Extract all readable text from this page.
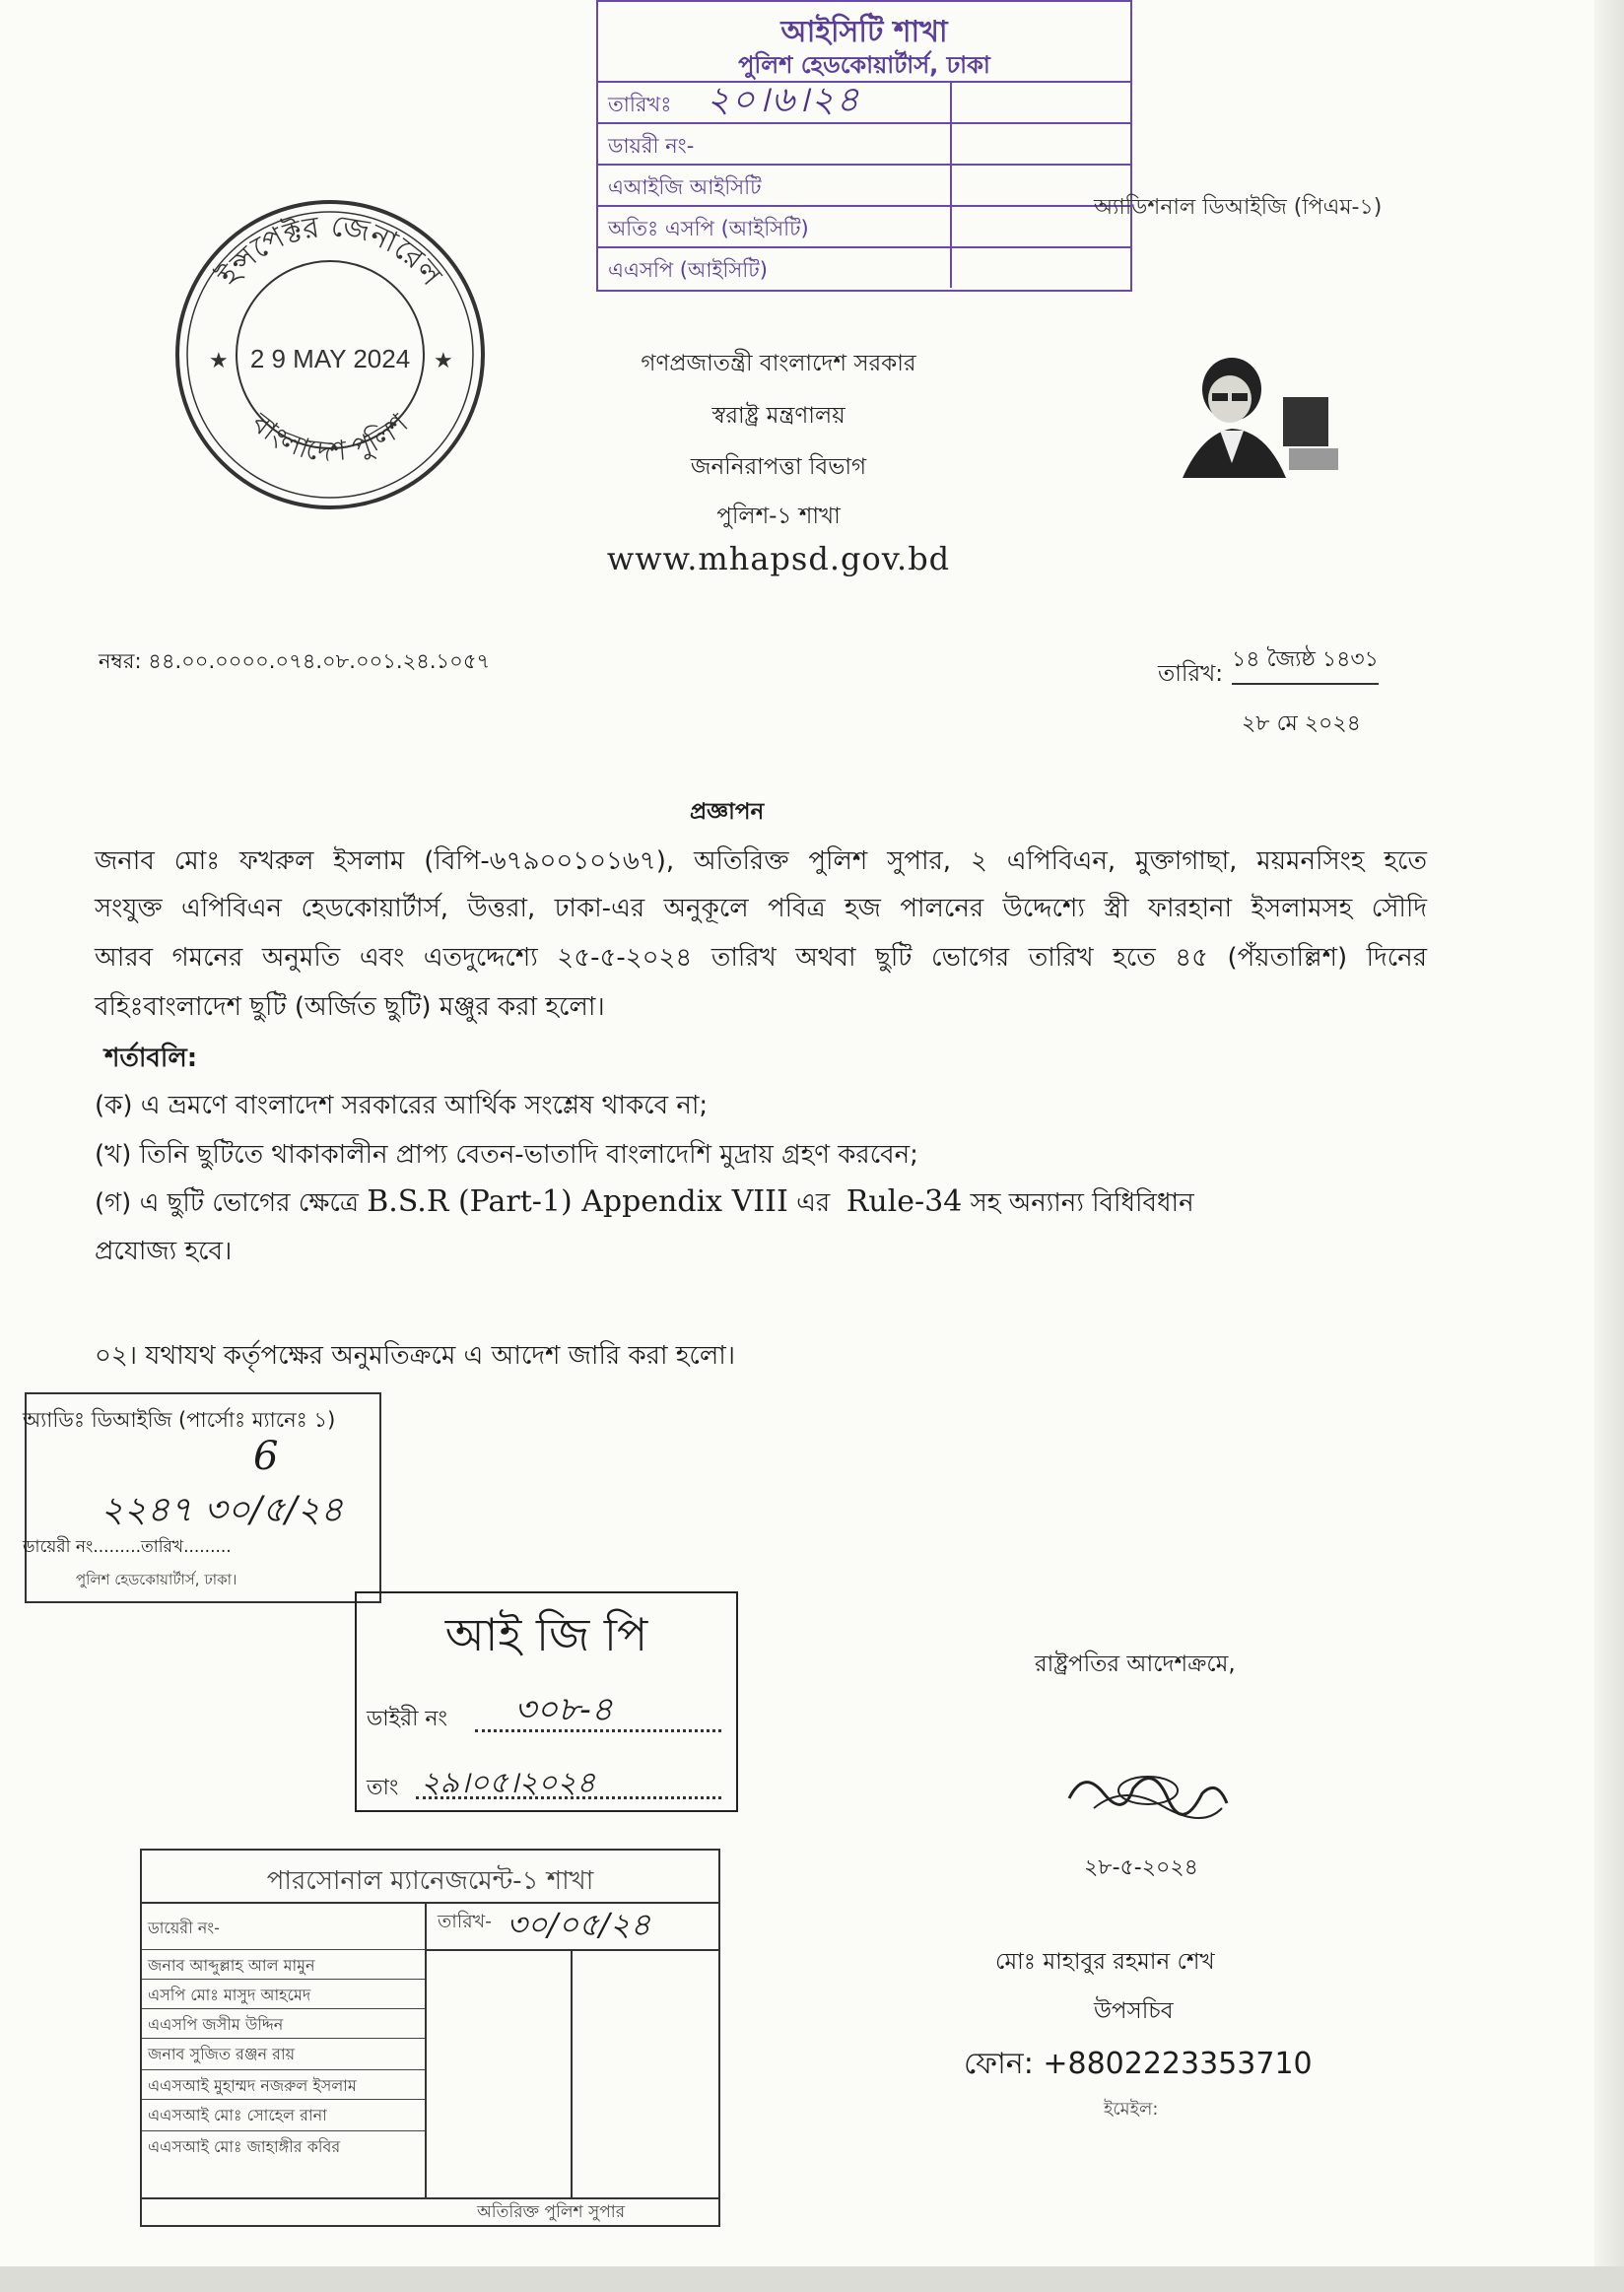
আইসিটি শাখা
পুলিশ হেডকোয়ার্টার্স, ঢাকা
তারিখঃ ২০।৬।২৪
ডায়রী নং-
এআইজি আইসিটি
অতিঃ এসপি (আইসিটি)
এএসপি (আইসিটি)
অ্যাডিশনাল ডিআইজি (পিএম-১)
ইন্সপেক্টর জেনারেল
বাংলাদেশ পুলিশ
2 9 MAY 2024
★	★	গণপ্রজাতন্ত্রী বাংলাদেশ সরকার
স্বরাষ্ট্র মন্ত্রণালয়
জননিরাপত্তা বিভাগ
পুলিশ-১ শাখা
www.mhapsd.gov.bd
নম্বর: ৪৪.০০.০০০০.০৭৪.০৮.০০১.২৪.১০৫৭	তারিখ:
১৪ জ্যৈষ্ঠ ১৪৩১
২৮ মে ২০২৪
প্রজ্ঞাপন
জনাব মোঃ ফখরুল ইসলাম (বিপি-৬৭৯০০১০১৬৭), অতিরিক্ত পুলিশ সুপার, ২ এপিবিএন, মুক্তাগাছা, ময়মনসিংহ হতে
সংযুক্ত এপিবিএন হেডকোয়ার্টার্স, উত্তরা, ঢাকা-এর অনুকূলে পবিত্র হজ পালনের উদ্দেশ্যে স্ত্রী ফারহানা ইসলামসহ সৌদি
আরব গমনের অনুমতি এবং এতদুদ্দেশ্যে ২৫-৫-২০২৪ তারিখ অথবা ছুটি ভোগের তারিখ হতে ৪৫ (পঁয়তাল্লিশ) দিনের
বহিঃবাংলাদেশ ছুটি (অর্জিত ছুটি) মঞ্জুর করা হলো।
শর্তাবলি:
(ক) এ ভ্রমণে বাংলাদেশ সরকারের আর্থিক সংশ্লেষ থাকবে না;
(খ) তিনি ছুটিতে থাকাকালীন প্রাপ্য বেতন-ভাতাদি বাংলাদেশি মুদ্রায় গ্রহণ করবেন;
(গ) এ ছুটি ভোগের ক্ষেত্রে B.S.R (Part-1) Appendix VIII এর Rule-34 সহ অন্যান্য বিধিবিধান
প্রযোজ্য হবে।
০২। যথাযথ কর্তৃপক্ষের অনুমতিক্রমে এ আদেশ জারি করা হলো।
অ্যাডিঃ ডিআইজি (পার্সোঃ ম্যানেঃ ১)
6
২২৪৭ ৩০/৫/২৪
ডায়েরী নং.........তারিখ.........
পুলিশ হেডকোয়ার্টার্স, ঢাকা।
আই জি পি
ডাইরী নং ৩০৮-৪
তাং ২৯।০৫।২০২৪
পারসোনাল ম্যানেজমেন্ট-১ শাখা
তারিখ- ৩০/০৫/২৪
ডায়েরী নং-
জনাব আব্দুল্লাহ আল মামুন
এসপি মোঃ মাসুদ আহমেদ
এএসপি জসীম উদ্দিন
জনাব সুজিত রঞ্জন রায়
এএসআই মুহাম্মদ নজরুল ইসলাম
এএসআই মোঃ সোহেল রানা
এএসআই মোঃ জাহাঙ্গীর কবির
অতিরিক্ত পুলিশ সুপার
রাষ্ট্রপতির আদেশক্রমে,
২৮-৫-২০২৪
মোঃ মাহাবুর রহমান শেখ
উপসচিব
ফোন: +8802223353710
ইমেইল:
